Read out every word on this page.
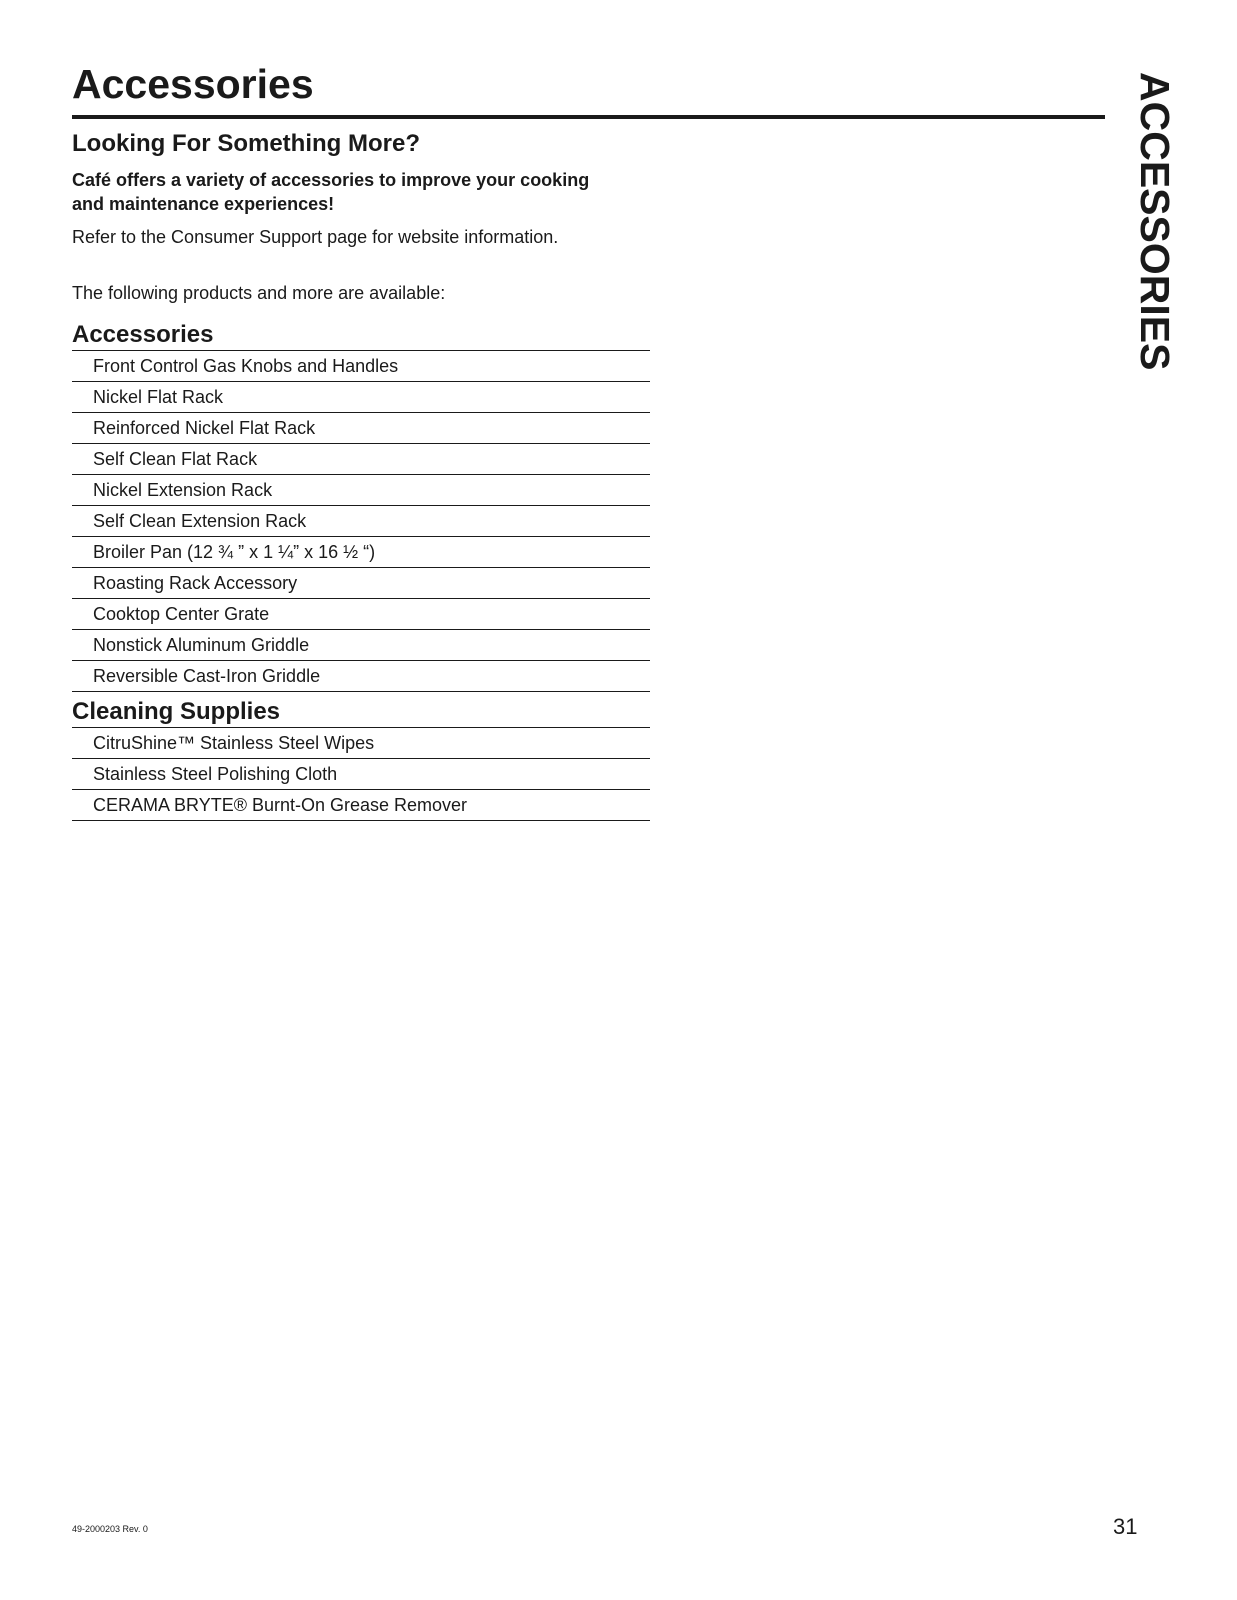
Accessories	ACCESSORIES
Looking For Something More?

Café offers a variety of accessories to improve your cooking and maintenance experiences!

Refer to the Consumer Support page for website information.

The following products and more are available:

Accessories
Front Control Gas Knobs and Handles
Nickel Flat Rack
Reinforced Nickel Flat Rack
Self Clean Flat Rack
Nickel Extension Rack
Self Clean Extension Rack
Broiler Pan (12 ¾ ” x 1 ¼” x 16 ½ “)
Roasting Rack Accessory
Cooktop Center Grate
Nonstick Aluminum Griddle
Reversible Cast-Iron Griddle
Cleaning Supplies
CitruShine™ Stainless Steel Wipes
Stainless Steel Polishing Cloth
CERAMA BRYTE® Burnt-On Grease Remover
49-2000203 Rev. 0	31
